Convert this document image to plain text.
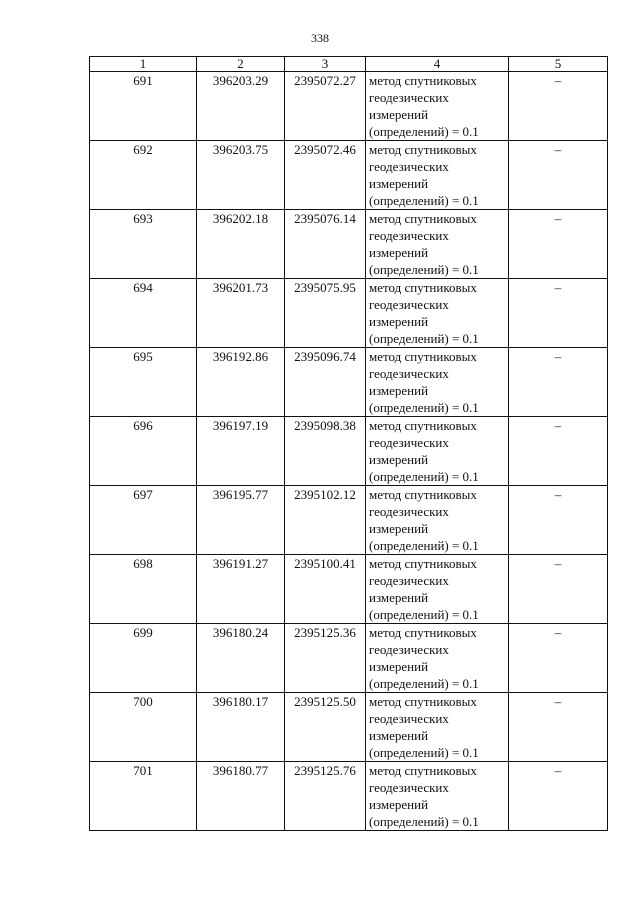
338
1	2	3	4	5
691	396203.29	2395072.27	метод спутниковых
геодезических
измерений
(определений) = 0.1	–
692	396203.75	2395072.46	метод спутниковых
геодезических
измерений
(определений) = 0.1	–
693	396202.18	2395076.14	метод спутниковых
геодезических
измерений
(определений) = 0.1	–
694	396201.73	2395075.95	метод спутниковых
геодезических
измерений
(определений) = 0.1	–
695	396192.86	2395096.74	метод спутниковых
геодезических
измерений
(определений) = 0.1	–
696	396197.19	2395098.38	метод спутниковых
геодезических
измерений
(определений) = 0.1	–
697	396195.77	2395102.12	метод спутниковых
геодезических
измерений
(определений) = 0.1	–
698	396191.27	2395100.41	метод спутниковых
геодезических
измерений
(определений) = 0.1	–
699	396180.24	2395125.36	метод спутниковых
геодезических
измерений
(определений) = 0.1	–
700	396180.17	2395125.50	метод спутниковых
геодезических
измерений
(определений) = 0.1	–
701	396180.77	2395125.76	метод спутниковых
геодезических
измерений
(определений) = 0.1	–
